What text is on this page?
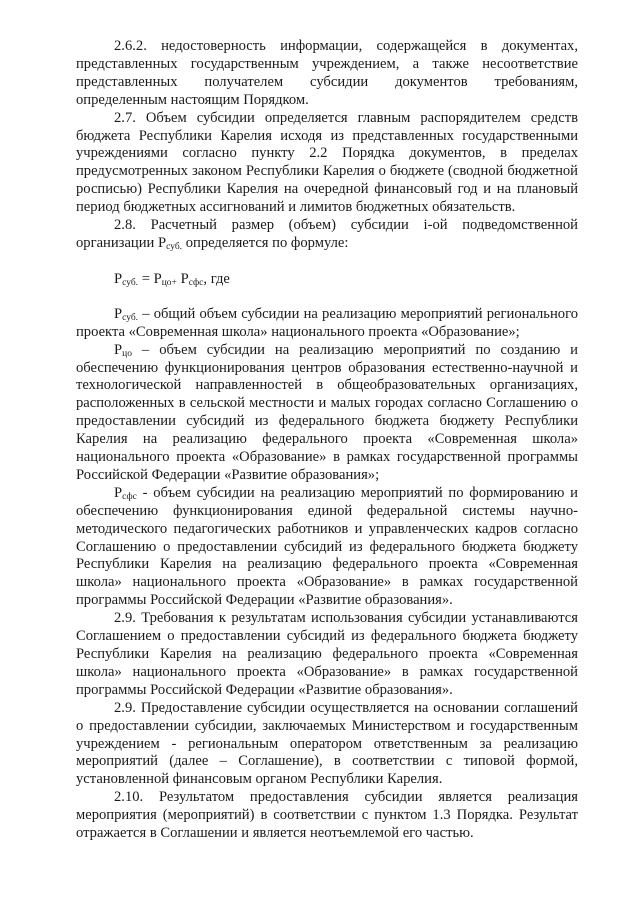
2.6.2. недостоверность информации, содержащейся в документах, представленных государственным учреждением, а также несоответствие представленных получателем субсидии документов требованиям, определенным настоящим Порядком.

2.7. Объем субсидии определяется главным распорядителем средств бюджета Республики Карелия исходя из представленных государственными учреждениями согласно пункту 2.2 Порядка документов, в пределах предусмотренных законом Республики Карелия о бюджете (сводной бюджетной росписью) Республики Карелия на очередной финансовый год и на плановый период бюджетных ассигнований и лимитов бюджетных обязательств.

2.8. Расчетный размер (объем) субсидии i-ой подведомственной организации $Р_{суб.}$ определяется по формуле:

$Р_{суб.} = Р_{цо+}$ $Р_{сфс}$, где

$Р_{суб.}$ – общий объем субсидии на реализацию мероприятий регионального проекта «Современная школа» национального проекта «Образование»;

$Р_{цо}$ – объем субсидии на реализацию мероприятий по созданию и обеспечению функционирования центров образования естественно-научной и технологической направленностей в общеобразовательных организациях, расположенных в сельской местности и малых городах согласно Соглашению о предоставлении субсидий из федерального бюджета бюджету Республики Карелия на реализацию федерального проекта «Современная школа» национального проекта «Образование» в рамках государственной программы Российской Федерации «Развитие образования»;

$Р_{сфс}$ - объем субсидии на реализацию мероприятий по формированию и обеспечению функционирования единой федеральной системы научно-методического педагогических работников и управленческих кадров согласно Соглашению о предоставлении субсидий из федерального бюджета бюджету Республики Карелия на реализацию федерального проекта «Современная школа» национального проекта «Образование» в рамках государственной программы Российской Федерации «Развитие образования».

2.9. Требования к результатам использования субсидии устанавливаются Соглашением о предоставлении субсидий из федерального бюджета бюджету Республики Карелия на реализацию федерального проекта «Современная школа» национального проекта «Образование» в рамках государственной программы Российской Федерации «Развитие образования».

2.9. Предоставление субсидии осуществляется на основании соглашений о предоставлении субсидии, заключаемых Министерством и государственным учреждением - региональным оператором ответственным за реализацию мероприятий (далее – Соглашение), в соответствии с типовой формой, установленной финансовым органом Республики Карелия.

2.10. Результатом предоставления субсидии является реализация мероприятия (мероприятий) в соответствии с пунктом 1.3 Порядка. Результат отражается в Соглашении и является неотъемлемой его частью.
